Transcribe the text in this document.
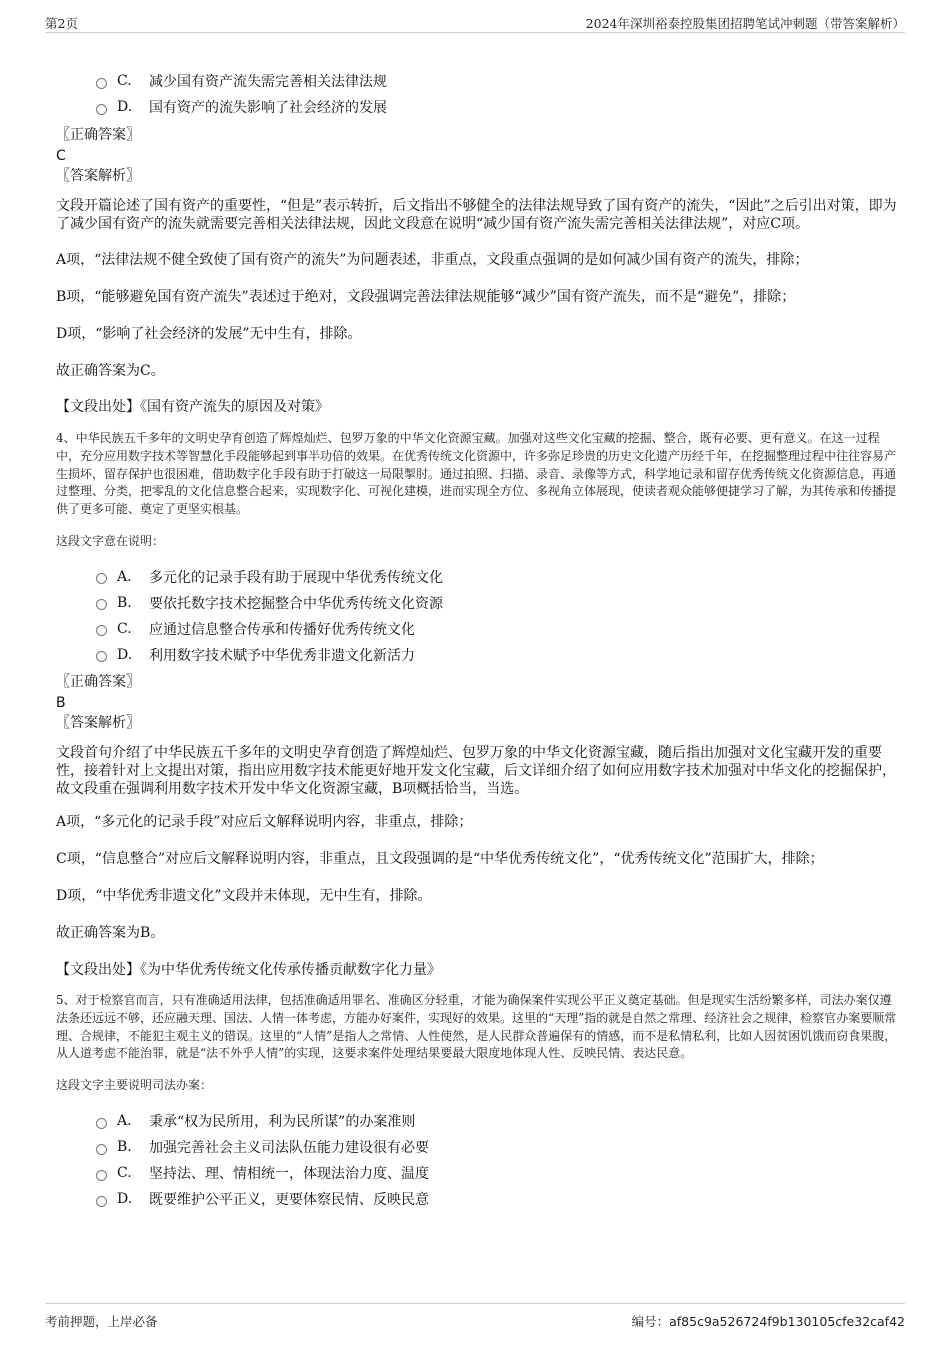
第2页	2024年深圳裕泰控股集团招聘笔试冲刺题（带答案解析）
C.	减少国有资产流失需完善相关法律法规
D.	国有资产的流失影响了社会经济的发展
〖正确答案〗
C
〖答案解析〗
文段开篇论述了国有资产的重要性，“但是”表示转折，后文指出不够健全的法律法规导致了国有资产的流失，“因此”之后引出对策，即为了减少国有资产的流失就需要完善相关法律法规，因此文段意在说明“减少国有资产流失需完善相关法律法规”，对应C项。
A项，“法律法规不健全致使了国有资产的流失”为问题表述，非重点，文段重点强调的是如何减少国有资产的流失，排除；
B项，“能够避免国有资产流失”表述过于绝对，文段强调完善法律法规能够“减少”国有资产流失，而不是“避免”，排除；
D项，“影响了社会经济的发展”无中生有，排除。
故正确答案为C。
【文段出处】《国有资产流失的原因及对策》
4、中华民族五千多年的文明史孕育创造了辉煌灿烂、包罗万象的中华文化资源宝藏。加强对这些文化宝藏的挖掘、整合，既有必要、更有意义。在这一过程中，充分应用数字技术等智慧化手段能够起到事半功倍的效果。在优秀传统文化资源中，许多弥足珍贵的历史文化遗产历经千年，在挖掘整理过程中往往容易产生损坏，留存保护也很困难，借助数字化手段有助于打破这一局限掣肘。通过拍照、扫描、录音、录像等方式，科学地记录和留存优秀传统文化资源信息，再通过整理、分类，把零乱的文化信息整合起来，实现数字化、可视化建模，进而实现全方位、多视角立体展现，使读者观众能够便捷学习了解，为其传承和传播提供了更多可能、奠定了更坚实根基。
这段文字意在说明：
A.	多元化的记录手段有助于展现中华优秀传统文化
B.	要依托数字技术挖掘整合中华优秀传统文化资源
C.	应通过信息整合传承和传播好优秀传统文化
D.	利用数字技术赋予中华优秀非遗文化新活力
〖正确答案〗
B
〖答案解析〗
文段首句介绍了中华民族五千多年的文明史孕育创造了辉煌灿烂、包罗万象的中华文化资源宝藏，随后指出加强对文化宝藏开发的重要性，接着针对上文提出对策，指出应用数字技术能更好地开发文化宝藏，后文详细介绍了如何应用数字技术加强对中华文化的挖掘保护，故文段重在强调利用数字技术开发中华文化资源宝藏，B项概括恰当，当选。
A项，“多元化的记录手段”对应后文解释说明内容，非重点，排除；
C项，“信息整合”对应后文解释说明内容，非重点，且文段强调的是“中华优秀传统文化”，“优秀传统文化”范围扩大，排除；
D项，“中华优秀非遗文化”文段并未体现，无中生有，排除。
故正确答案为B。
【文段出处】《为中华优秀传统文化传承传播贡献数字化力量》
5、对于检察官而言，只有准确适用法律，包括准确适用罪名、准确区分轻重，才能为确保案件实现公平正义奠定基础。但是现实生活纷繁多样，司法办案仅遵法条还远远不够，还应融天理、国法、人情一体考虑，方能办好案件，实现好的效果。这里的“天理”指的就是自然之常理、经济社会之规律，检察官办案要顺常理、合规律，不能犯主观主义的错误。这里的“人情”是指人之常情、人性使然，是人民群众普遍保有的情感，而不是私情私利，比如人因贫困饥饿而窃食果腹，从人道考虑不能治罪，就是“法不外乎人情”的实现，这要求案件处理结果要最大限度地体现人性、反映民情、表达民意。
这段文字主要说明司法办案：
A.	秉承“权为民所用，利为民所谋”的办案准则
B.	加强完善社会主义司法队伍能力建设很有必要
C.	坚持法、理、情相统一，体现法治力度、温度
D.	既要维护公平正义，更要体察民情、反映民意
考前押题，上岸必备	编号：af85c9a526724f9b130105cfe32caf42
